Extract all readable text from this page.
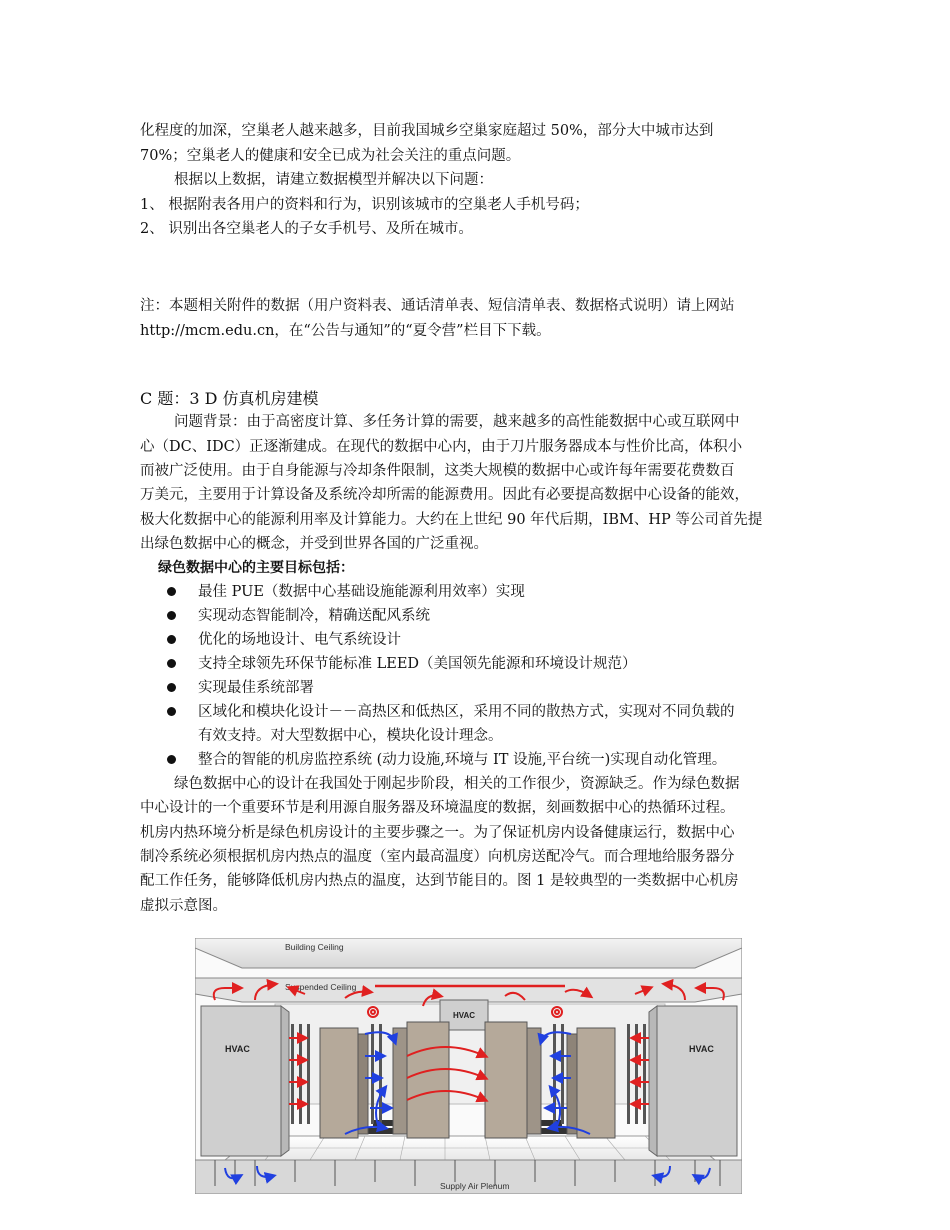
化程度的加深，空巢老人越来越多，目前我国城乡空巢家庭超过 50%，部分大中城市达到
70%；空巢老人的健康和安全已成为社会关注的重点问题。
根据以上数据，请建立数据模型并解决以下问题：
1、 根据附表各用户的资料和行为，识别该城市的空巢老人手机号码；
2、 识别出各空巢老人的子女手机号、及所在城市。
注：本题相关附件的数据（用户资料表、通话清单表、短信清单表、数据格式说明）请上网站
http://mcm.edu.cn，在“公告与通知”的“夏令营”栏目下下载。
C 题：3 D 仿真机房建模
问题背景：由于高密度计算、多任务计算的需要，越来越多的高性能数据中心或互联网中
心（DC、IDC）正逐渐建成。在现代的数据中心内，由于刀片服务器成本与性价比高，体积小
而被广泛使用。由于自身能源与冷却条件限制，这类大规模的数据中心或许每年需要花费数百
万美元，主要用于计算设备及系统冷却所需的能源费用。因此有必要提高数据中心设备的能效，
极大化数据中心的能源利用率及计算能力。大约在上世纪 90 年代后期，IBM、HP 等公司首先提
出绿色数据中心的概念，并受到世界各国的广泛重视。
绿色数据中心的主要目标包括：
最佳 PUE（数据中心基础设施能源利用效率）实现
实现动态智能制冷，精确送配风系统
优化的场地设计、电气系统设计
支持全球领先环保节能标准 LEED（美国领先能源和环境设计规范）
实现最佳系统部署
区域化和模块化设计－－高热区和低热区，采用不同的散热方式，实现对不同负载的
有效支持。对大型数据中心，模块化设计理念。
整合的智能的机房监控系统 (动力设施,环境与 IT 设施,平台统一)实现自动化管理。
绿色数据中心的设计在我国处于刚起步阶段，相关的工作很少，资源缺乏。作为绿色数据
中心设计的一个重要环节是利用源自服务器及环境温度的数据，刻画数据中心的热循环过程。
机房内热环境分析是绿色机房设计的主要步骤之一。为了保证机房内设备健康运行，数据中心
制冷系统必须根据机房内热点的温度（室内最高温度）向机房送配冷气。而合理地给服务器分
配工作任务，能够降低机房内热点的温度，达到节能目的。图 1 是较典型的一类数据中心机房
虚拟示意图。
Building Ceiling
Suspended Ceiling
Supply Air Plenum
HVAC	HVAC
HVAC
